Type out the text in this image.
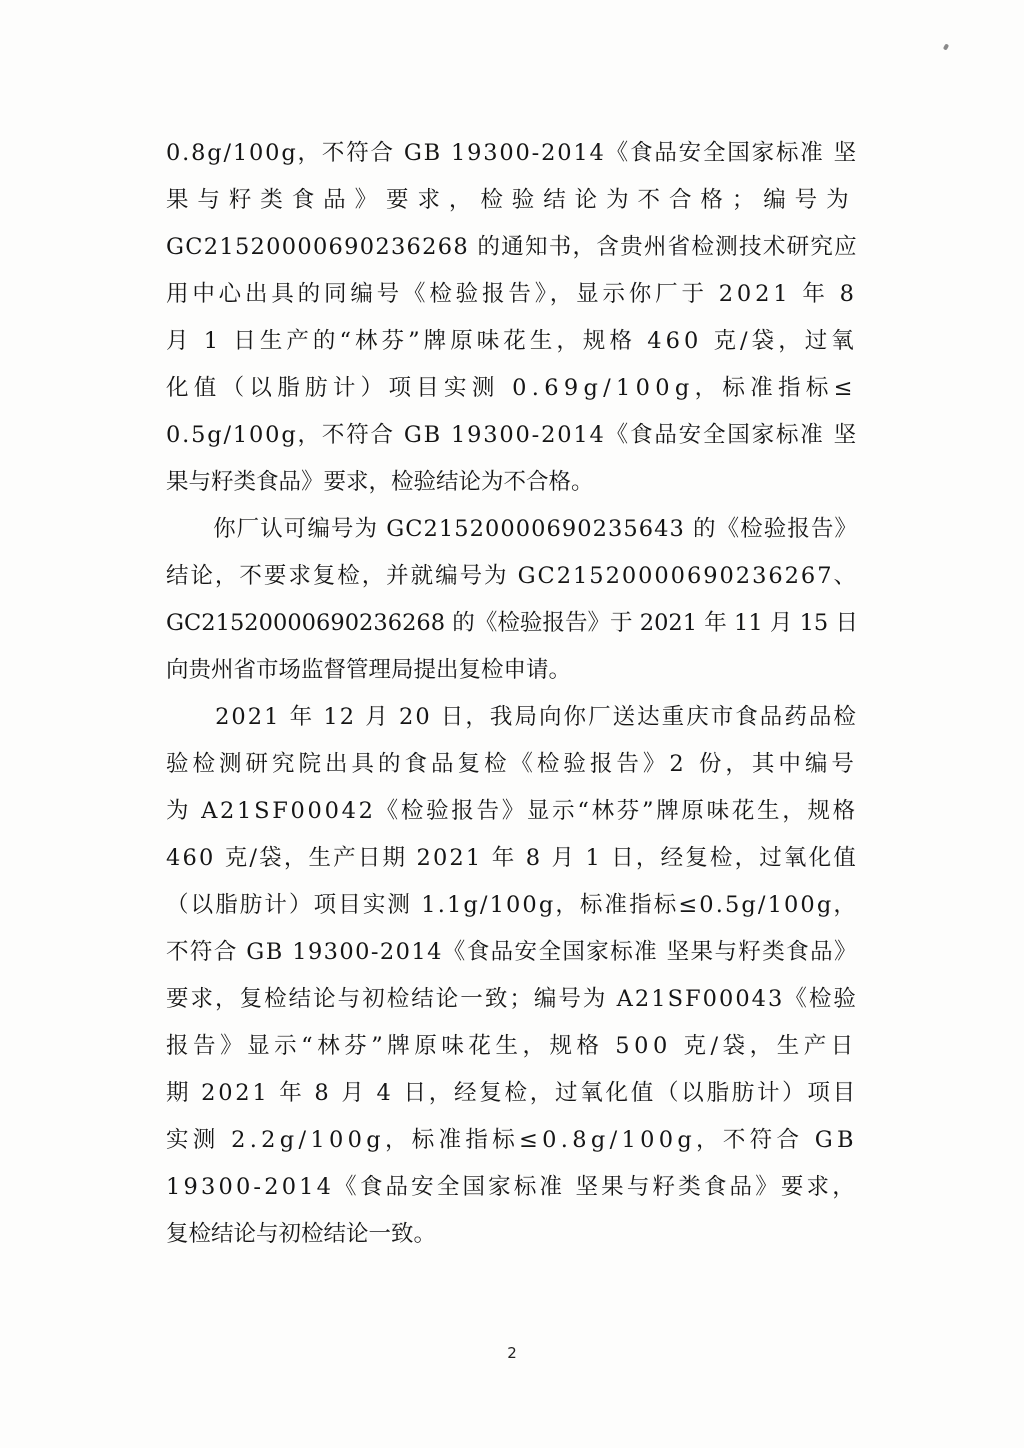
0.8g/100g，不符合 GB 19300-2014《食品安全国家标准 坚
果与籽类食品》要求，检验结论为不合格；编号为
GC21520000690236268 的通知书，含贵州省检测技术研究应
用中心出具的同编号《检验报告》，显示你厂于 2021 年 8
月 1 日生产的“林芬”牌原味花生，规格 460 克/袋，过氧
化值（以脂肪计）项目实测 0.69g/100g，标准指标≤
0.5g/100g，不符合 GB 19300-2014《食品安全国家标准 坚
果与籽类食品》要求，检验结论为不合格。
　　你厂认可编号为 GC21520000690235643 的《检验报告》
结论，不要求复检，并就编号为 GC21520000690236267、
GC21520000690236268 的《检验报告》于 2021 年 11 月 15 日
向贵州省市场监督管理局提出复检申请。
　　2021 年 12 月 20 日，我局向你厂送达重庆市食品药品检
验检测研究院出具的食品复检《检验报告》2 份，其中编号
为 A21SF00042《检验报告》显示“林芬”牌原味花生，规格
460 克/袋，生产日期 2021 年 8 月 1 日，经复检，过氧化值
（以脂肪计）项目实测 1.1g/100g，标准指标≤0.5g/100g，
不符合 GB 19300-2014《食品安全国家标准 坚果与籽类食品》
要求，复检结论与初检结论一致；编号为 A21SF00043《检验
报告》显示“林芬”牌原味花生，规格 500 克/袋，生产日
期 2021 年 8 月 4 日，经复检，过氧化值（以脂肪计）项目
实测 2.2g/100g，标准指标≤0.8g/100g，不符合 GB
19300-2014《食品安全国家标准 坚果与籽类食品》要求，
复检结论与初检结论一致。
2
